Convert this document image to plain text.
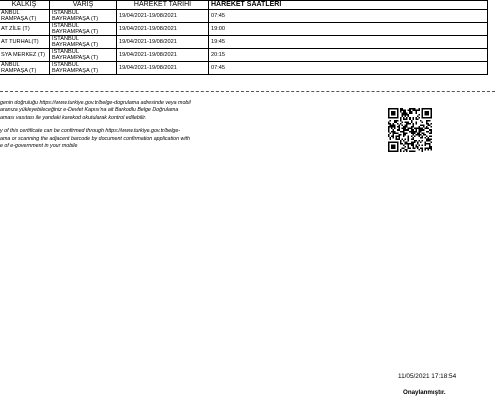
KALKIŞ	VARIŞ	HAREKET TARİHİ	HAREKET SAATLERİ
ANBUL RAMPAŞA (T)	İSTANBUL BAYRAMPAŞA (T)	19/04/2021-19/08/2021	07:45
AT ZİLE (T)	İSTANBUL BAYRAMPAŞA (T)	19/04/2021-19/08/2021	19:00
AT TURHAL(T)	İSTANBUL BAYRAMPAŞA (T)	19/04/2021-19/08/2021	19:45
SYA MERKEZ (T)	İSTANBUL BAYRAMPAŞA (T)	19/04/2021-19/08/2021	20:15
ANBUL RAMPAŞA (T)	İSTANBUL BAYRAMPAŞA (T)	19/04/2021-19/08/2021	07:45
genin doğruluğu https://www.turkiye.gov.tr/belge-dogrulama adresinde veya mobil
aranıza yükleyebileceğiniz e-Devlet Kapısı'na ait Barkodlu Belge Doğrulama
aması vasıtası ile yandaki karekod okutularak kontrol edilebilir.
y of this certificate can be confirmed through https://www.turkiye.gov.tr/belge-
ama or scanning the adjacent barcode by document confirmation application with
e of e-government in your mobile
11/05/2021 17:18:54
Onaylanmıştır.
